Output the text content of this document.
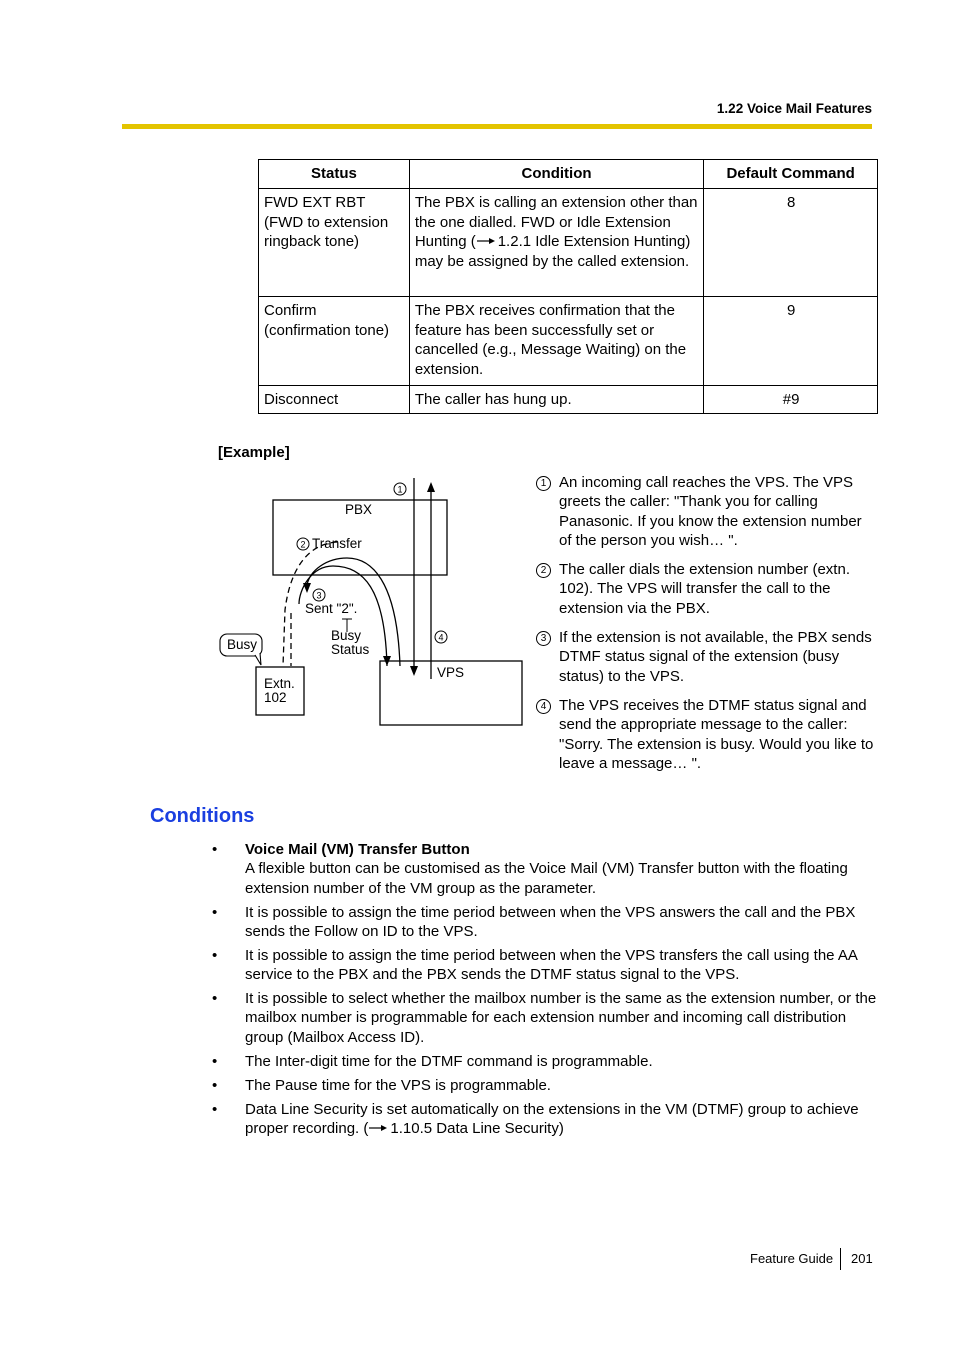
1.22 Voice Mail Features
Status	Condition	Default Command
FWD EXT RBT (FWD to extension ringback tone)	The PBX is calling an extension other than the one dialled. FWD or Idle Extension Hunting ( 1.2.1 Idle Extension Hunting) may be assigned by the called extension.	8
Confirm (confirmation tone)	The PBX receives confirmation that the feature has been successfully set or cancelled (e.g., Message Waiting) on the extension.	9
Disconnect	The caller has hung up.	#9
[Example]
PBX
VPS
Extn.
102
1
2 Transfer
3
Sent "2".
Busy
Status
4
Busy
1 An incoming call reaches the VPS. The VPS greets the caller: "Thank you for calling Panasonic. If you know the extension number of the person you wish… ".
2 The caller dials the extension number (extn. 102). The VPS will transfer the call to the extension via the PBX.
3 If the extension is not available, the PBX sends DTMF status signal of the extension (busy status) to the VPS.
4 The VPS receives the DTMF status signal and send the appropriate message to the caller: "Sorry. The extension is busy. Would you like to leave a message… ".
Conditions
• Voice Mail (VM) Transfer Button
A flexible button can be customised as the Voice Mail (VM) Transfer button with the floating extension number of the VM group as the parameter.
• It is possible to assign the time period between when the VPS answers the call and the PBX sends the Follow on ID to the VPS.
• It is possible to assign the time period between when the VPS transfers the call using the AA service to the PBX and the PBX sends the DTMF status signal to the VPS.
• It is possible to select whether the mailbox number is the same as the extension number, or the mailbox number is programmable for each extension number and incoming call distribution group (Mailbox Access ID).
• The Inter-digit time for the DTMF command is programmable.
• The Pause time for the VPS is programmable.
• Data Line Security is set automatically on the extensions in the VM (DTMF) group to achieve proper recording. ( 1.10.5 Data Line Security)
Feature Guide 201
